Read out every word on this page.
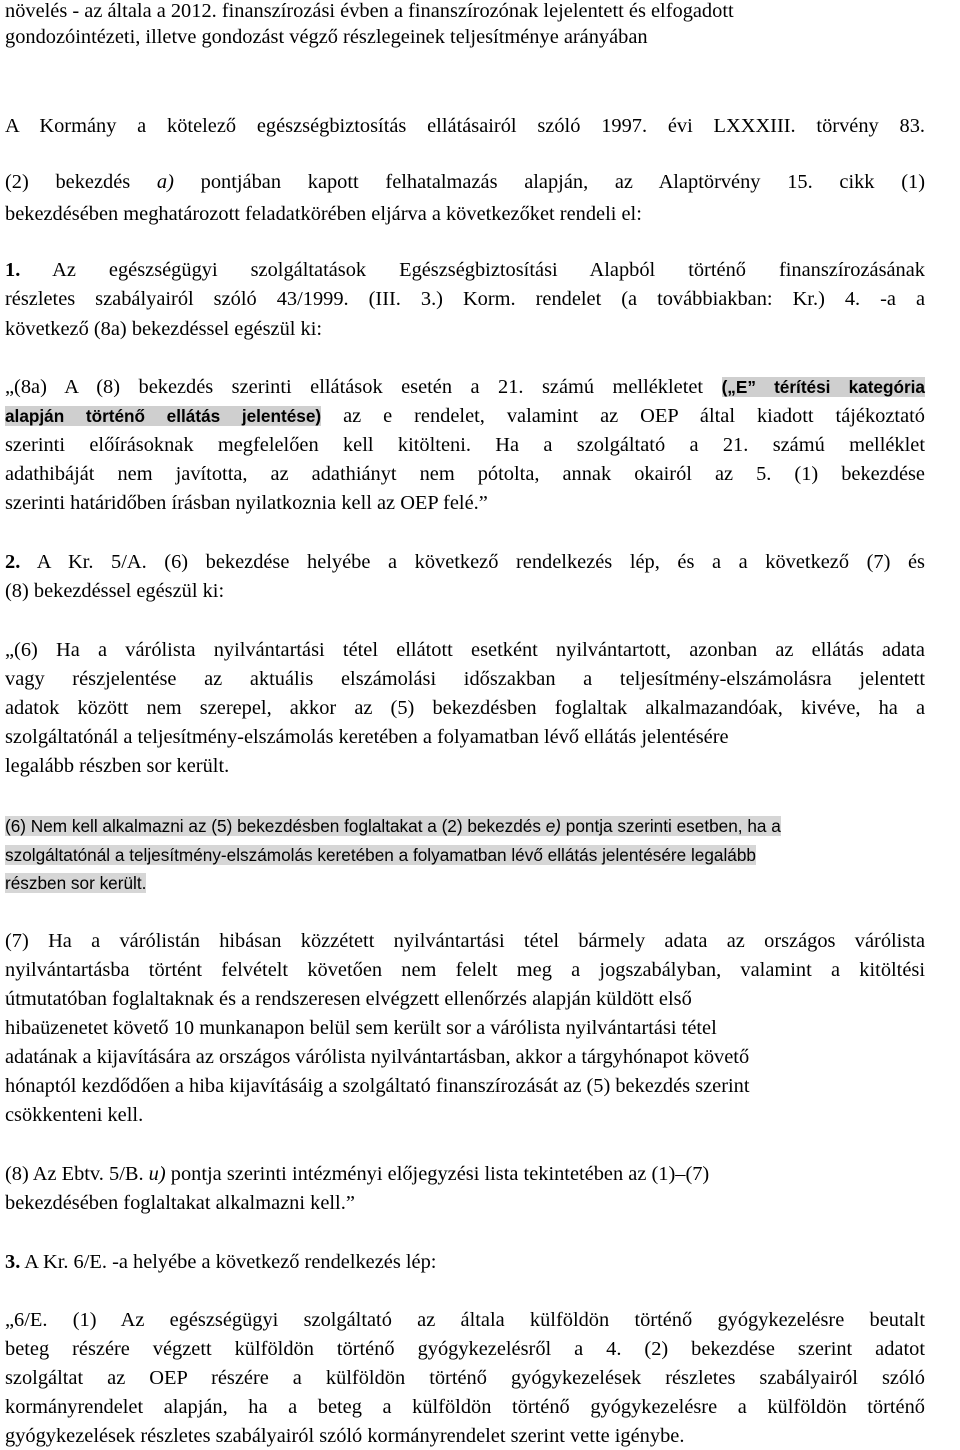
növelés - az általa a 2012. finanszírozási évben a finanszírozónak lejelentett és elfogadott
gondozóintézeti, illetve gondozást végző részlegeinek teljesítménye arányában
A Kormány a kötelező egészségbiztosítás ellátásairól szóló 1997. évi LXXXIII. törvény 83.
(2) bekezdés a) pontjában kapott felhatalmazás alapján, az Alaptörvény 15. cikk (1)
bekezdésében meghatározott feladatkörében eljárva a következőket rendeli el:
1. Az egészségügyi szolgáltatások Egészségbiztosítási Alapból történő finanszírozásának
részletes szabályairól szóló 43/1999. (III. 3.) Korm. rendelet (a továbbiakban: Kr.) 4. -a a
következő (8a) bekezdéssel egészül ki:
„(8a) A (8) bekezdés szerinti ellátások esetén a 21. számú mellékletet („E” térítési kategória
alapján történő ellátás jelentése) az e rendelet, valamint az OEP által kiadott tájékoztató
szerinti előírásoknak megfelelően kell kitölteni. Ha a szolgáltató a 21. számú melléklet
adathibáját nem javította, az adathiányt nem pótolta, annak okairól az 5. (1) bekezdése
szerinti határidőben írásban nyilatkoznia kell az OEP felé.”
2. A Kr. 5/A. (6) bekezdése helyébe a következő rendelkezés lép, és a a következő (7) és
(8) bekezdéssel egészül ki:
„(6) Ha a várólista nyilvántartási tétel ellátott esetként nyilvántartott, azonban az ellátás adata
vagy részjelentése az aktuális elszámolási időszakban a teljesítmény-elszámolásra jelentett
adatok között nem szerepel, akkor az (5) bekezdésben foglaltak alkalmazandóak, kivéve, ha a
szolgáltatónál a teljesítmény-elszámolás keretében a folyamatban lévő ellátás jelentésére
legalább részben sor került.
(6) Nem kell alkalmazni az (5) bekezdésben foglaltakat a (2) bekezdés e) pontja szerinti esetben, ha a
szolgáltatónál a teljesítmény-elszámolás keretében a folyamatban lévő ellátás jelentésére legalább
részben sor került.
(7) Ha a várólistán hibásan közzétett nyilvántartási tétel bármely adata az országos várólista
nyilvántartásba történt felvételt követően nem felelt meg a jogszabályban, valamint a kitöltési
útmutatóban foglaltaknak és a rendszeresen elvégzett ellenőrzés alapján küldött első
hibaüzenetet követő 10 munkanapon belül sem került sor a várólista nyilvántartási tétel
adatának a kijavítására az országos várólista nyilvántartásban, akkor a tárgyhónapot követő
hónaptól kezdődően a hiba kijavításáig a szolgáltató finanszírozását az (5) bekezdés szerint
csökkenteni kell.
(8) Az Ebtv. 5/B. u) pontja szerinti intézményi előjegyzési lista tekintetében az (1)–(7)
bekezdésében foglaltakat alkalmazni kell.”
3. A Kr. 6/E. -a helyébe a következő rendelkezés lép:
„6/E. (1) Az egészségügyi szolgáltató az általa külföldön történő gyógykezelésre beutalt
beteg részére végzett külföldön történő gyógykezelésről a 4. (2) bekezdése szerint adatot
szolgáltat az OEP részére a külföldön történő gyógykezelések részletes szabályairól szóló
kormányrendelet alapján, ha a beteg a külföldön történő gyógykezelésre a külföldön történő
gyógykezelések részletes szabályairól szóló kormányrendelet szerint vette igénybe.
